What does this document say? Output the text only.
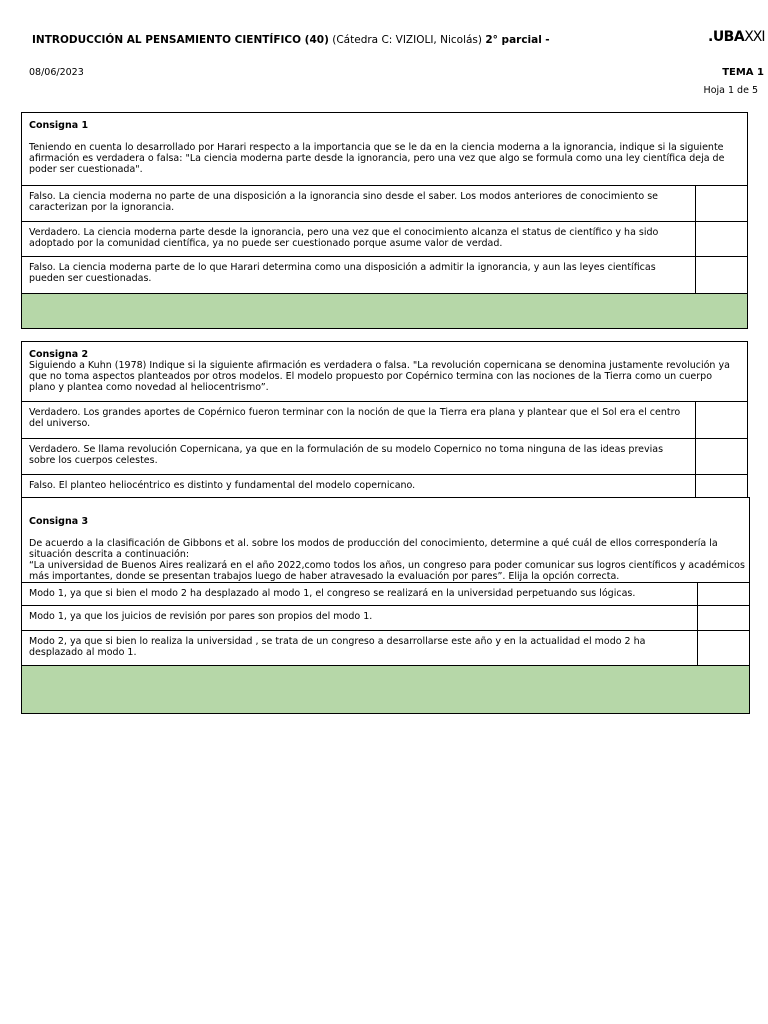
INTRODUCCIÓN AL PENSAMIENTO CIENTÍFICO (40) (Cátedra C: VIZIOLI, Nicolás) 2° parcial -	.UBAXXI
08/06/2023	TEMA 1
Hoja 1 de 5
Consigna 1
Teniendo en cuenta lo desarrollado por Harari respecto a la importancia que se le da en la ciencia moderna a la ignorancia, indique si la siguiente afirmación es verdadera o falsa: "La ciencia moderna parte desde la ignorancia, pero una vez que algo se formula como una ley científica deja de poder ser cuestionada".
Falso. La ciencia moderna no parte de una disposición a la ignorancia sino desde el saber. Los modos anteriores de conocimiento se caracterizan por la ignorancia.
Verdadero. La ciencia moderna parte desde la ignorancia, pero una vez que el conocimiento alcanza el status de científico y ha sido adoptado por la comunidad científica, ya no puede ser cuestionado porque asume valor de verdad.
Falso. La ciencia moderna parte de lo que Harari determina como una disposición a admitir la ignorancia, y aun las leyes científicas pueden ser cuestionadas.
Consigna 2
Siguiendo a Kuhn (1978) Indique si la siguiente afirmación es verdadera o falsa. "La revolución copernicana se denomina justamente revolución ya que no toma aspectos planteados por otros modelos. El modelo propuesto por Copérnico termina con las nociones de la Tierra como un cuerpo plano y plantea como novedad al heliocentrismo”.
Verdadero. Los grandes aportes de Copérnico fueron terminar con la noción de que la Tierra era plana y plantear que el Sol era el centro del universo.
Verdadero. Se llama revolución Copernicana, ya que en la formulación de su modelo Copernico no toma ninguna de las ideas previas sobre los cuerpos celestes.
Falso. El planteo heliocéntrico es distinto y fundamental del modelo copernicano.

Consigna 3

De acuerdo a la clasificación de Gibbons et al. sobre los modos de producción del conocimiento, determine a qué cuál de ellos correspondería la situación descrita a continuación:
“La universidad de Buenos Aires realizará en el año 2022,como todos los años, un congreso para poder comunicar sus logros científicos y académicos más importantes, donde se presentan trabajos luego de haber atravesado la evaluación por pares”. Elija la opción correcta.

Modo 1, ya que si bien el modo 2 ha desplazado al modo 1, el congreso se realizará en la universidad perpetuando sus lógicas.
Modo 1, ya que los juicios de revisión por pares son propios del modo 1.
Modo 2, ya que si bien lo realiza la universidad , se trata de un congreso a desarrollarse este año y en la actualidad el modo 2 ha desplazado al modo 1.
